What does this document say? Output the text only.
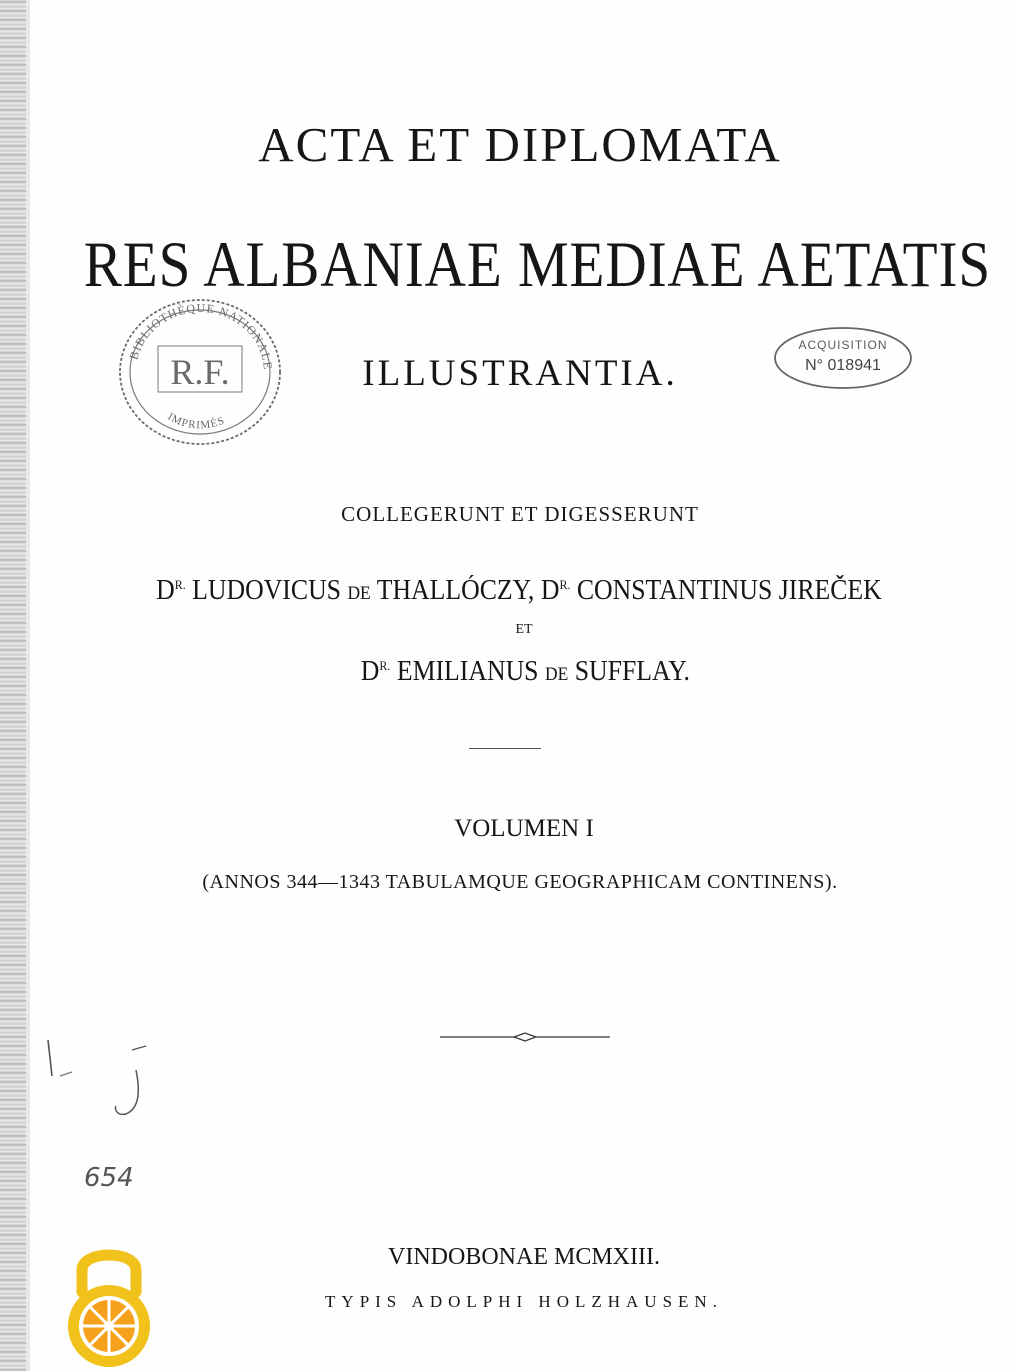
ACTA ET DIPLOMATA
RES ALBANIAE MEDIAE AETATIS
ILLUSTRANTIA.
BIBLIOTHÈQUE NATIONALE
IMPRIMÉS
R.F.
ACQUISITION
N° 018941
COLLEGERUNT ET DIGESSERUNT
$D^{R.}$ LUDOVICUS DE THALLÓCZY, $D^{R.}$ CONSTANTINUS JIREČEK
ET
$D^{R.}$ EMILIANUS DE SUFFLAY.
VOLUMEN I
(ANNOS 344—1343 TABULAMQUE GEOGRAPHICAM CONTINENS).
654
VINDOBONAE MCMXIII.
TYPIS ADOLPHI HOLZHAUSEN.
